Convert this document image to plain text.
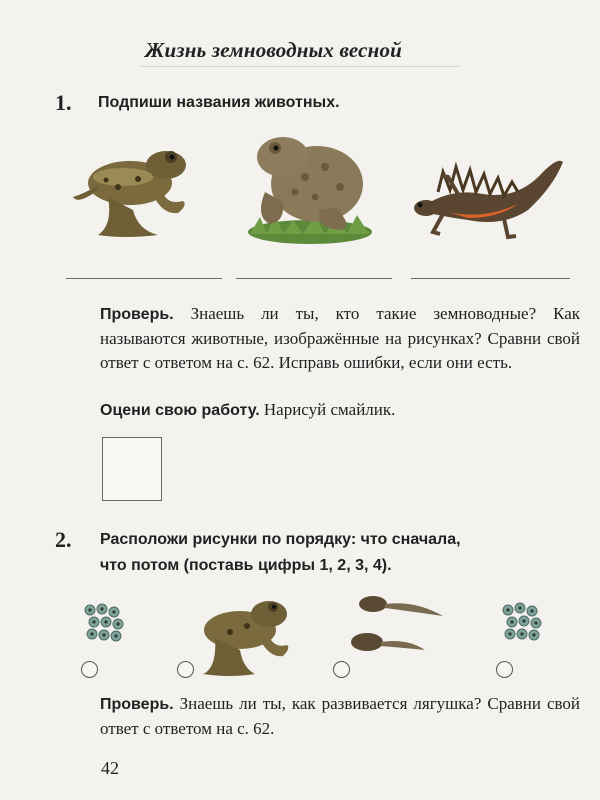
Жизнь земноводных весной
1. Подпиши названия животных.
Проверь. Знаешь ли ты, кто такие земноводные? Как называются животные, изображённые на рисунках? Сравни свой ответ с ответом на с. 62. Исправь ошибки, если они есть.
Оцени свою работу. Нарисуй смайлик.
2. Расположи рисунки по порядку: что сначала,
что потом (поставь цифры 1, 2, 3, 4).
Проверь. Знаешь ли ты, как развивается лягушка? Сравни свой ответ с ответом на с. 62.
42
